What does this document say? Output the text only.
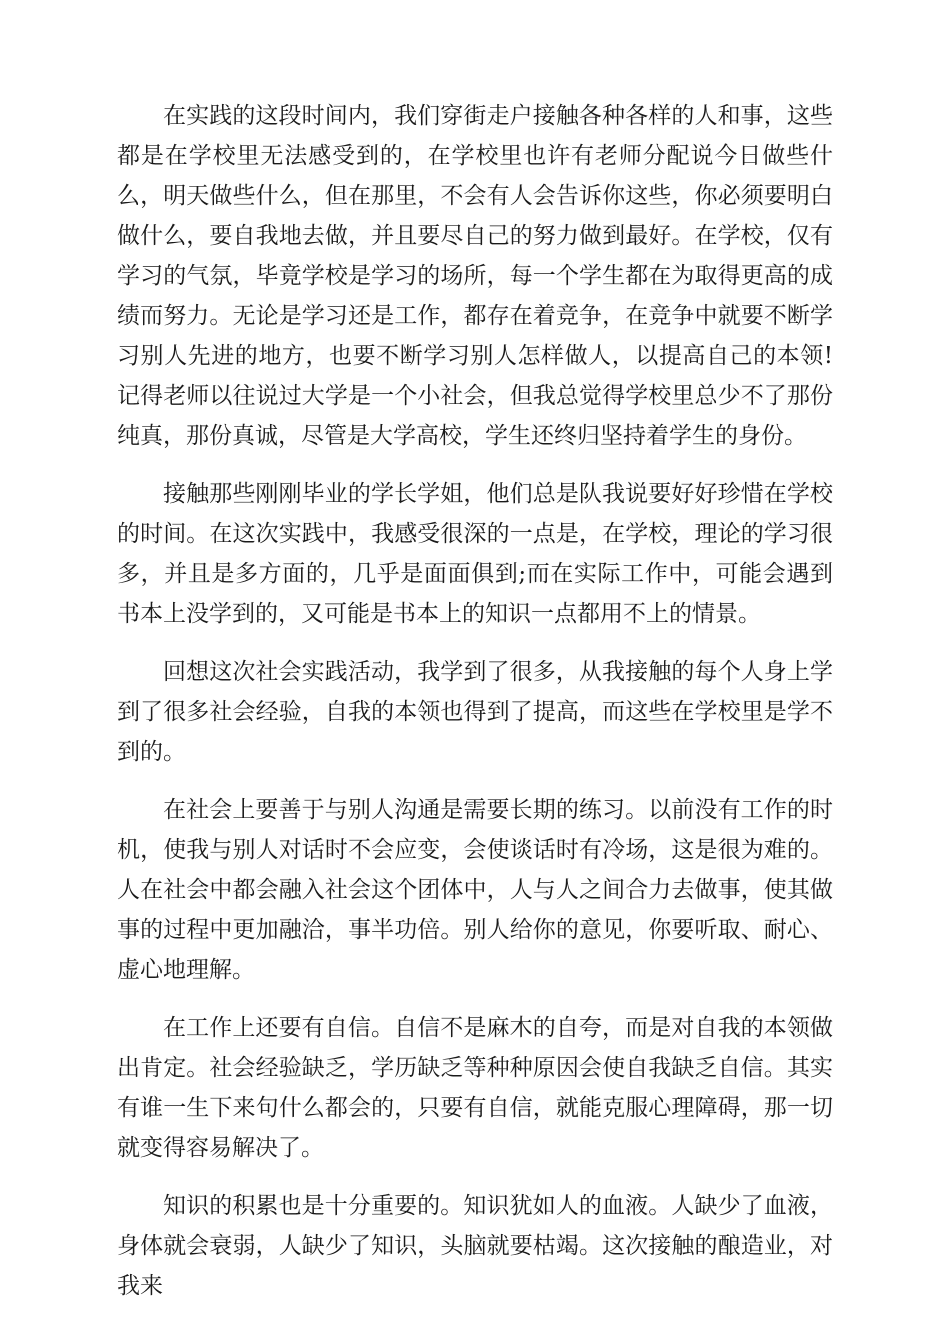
在实践的这段时间内，我们穿街走户接触各种各样的人和事，这些都是在学校里无法感受到的，在学校里也许有老师分配说今日做些什么，明天做些什么，但在那里，不会有人会告诉你这些，你必须要明白做什么，要自我地去做，并且要尽自己的努力做到最好。在学校，仅有学习的气氛，毕竟学校是学习的场所，每一个学生都在为取得更高的成绩而努力。无论是学习还是工作，都存在着竞争，在竞争中就要不断学习别人先进的地方，也要不断学习别人怎样做人，以提高自己的本领!记得老师以往说过大学是一个小社会，但我总觉得学校里总少不了那份纯真，那份真诚，尽管是大学高校，学生还终归坚持着学生的身份。

接触那些刚刚毕业的学长学姐，他们总是队我说要好好珍惜在学校的时间。在这次实践中，我感受很深的一点是，在学校，理论的学习很多，并且是多方面的，几乎是面面俱到;而在实际工作中，可能会遇到书本上没学到的，又可能是书本上的知识一点都用不上的情景。

回想这次社会实践活动，我学到了很多，从我接触的每个人身上学到了很多社会经验，自我的本领也得到了提高，而这些在学校里是学不到的。

在社会上要善于与别人沟通是需要长期的练习。以前没有工作的时机，使我与别人对话时不会应变，会使谈话时有冷场，这是很为难的。人在社会中都会融入社会这个团体中，人与人之间合力去做事，使其做事的过程中更加融洽，事半功倍。别人给你的意见，你要听取、耐心、虚心地理解。

在工作上还要有自信。自信不是麻木的自夸，而是对自我的本领做出肯定。社会经验缺乏，学历缺乏等种种原因会使自我缺乏自信。其实有谁一生下来句什么都会的，只要有自信，就能克服心理障碍，那一切就变得容易解决了。

知识的积累也是十分重要的。知识犹如人的血液。人缺少了血液，身体就会衰弱，人缺少了知识，头脑就要枯竭。这次接触的酿造业，对我来
